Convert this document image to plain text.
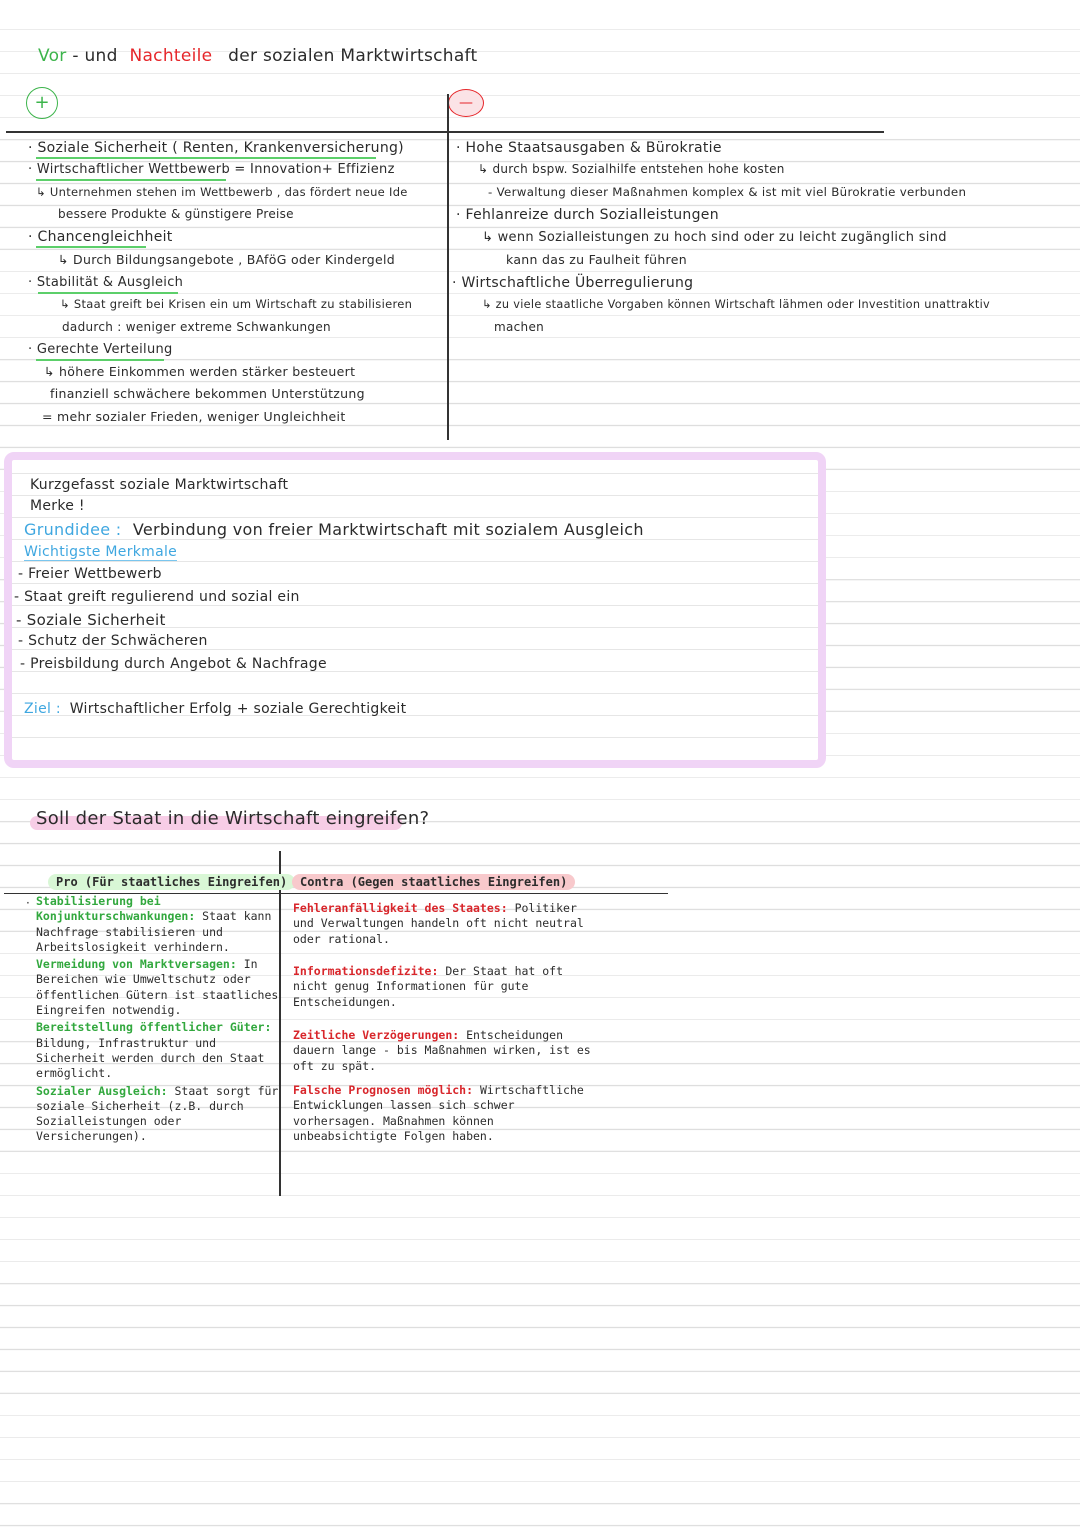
Vor - und Nachteile der sozialen Marktwirtschaft
+	—
· Soziale Sicherheit ( Renten, Krankenversicherung)
· Wirtschaftlicher Wettbewerb = Innovation+ Effizienz
↳ Unternehmen stehen im Wettbewerb , das fördert neue Ide
bessere Produkte & günstigere Preise
· Chancengleichheit
↳ Durch Bildungsangebote , BAföG oder Kindergeld
· Stabilität & Ausgleich
↳ Staat greift bei Krisen ein um Wirtschaft zu stabilisieren
dadurch : weniger extreme Schwankungen
· Gerechte Verteilung
↳ höhere Einkommen werden stärker besteuert
finanziell schwächere bekommen Unterstützung
= mehr sozialer Frieden, weniger Ungleichheit
· Hohe Staatsausgaben & Bürokratie
↳ durch bspw. Sozialhilfe entstehen hohe kosten
- Verwaltung dieser Maßnahmen komplex & ist mit viel Bürokratie verbunden
· Fehlanreize durch Sozialleistungen
↳ wenn Sozialleistungen zu hoch sind oder zu leicht zugänglich sind
kann das zu Faulheit führen
· Wirtschaftliche Überregulierung
↳ zu viele staatliche Vorgaben können Wirtschaft lähmen oder Investition unattraktiv
machen
Kurzgefasst soziale Marktwirtschaft
Merke !
Grundidee : Verbindung von freier Marktwirtschaft mit sozialem Ausgleich
Wichtigste Merkmale
- Freier Wettbewerb
- Staat greift regulierend und sozial ein
- Soziale Sicherheit
- Schutz der Schwächeren
- Preisbildung durch Angebot & Nachfrage
Ziel : Wirtschaftlicher Erfolg + soziale Gerechtigkeit
Soll der Staat in die Wirtschaft eingreifen?
Pro (Für staatliches Eingreifen)	Contra (Gegen staatliches Eingreifen)
· Stabilisierung bei Konjunkturschwankungen: Staat kann Nachfrage stabilisieren und Arbeitslosigkeit verhindern.

Vermeidung von Marktversagen: In Bereichen wie Umweltschutz oder öffentlichen Gütern ist staatliches Eingreifen notwendig.

Bereitstellung öffentlicher Güter: Bildung, Infrastruktur und Sicherheit werden durch den Staat ermöglicht.

Sozialer Ausgleich: Staat sorgt für soziale Sicherheit (z.B. durch Sozialleistungen oder Versicherungen).

Fehleranfälligkeit des Staates: Politiker und Verwaltungen handeln oft nicht neutral oder rational.
Informationsdefizite: Der Staat hat oft nicht genug Informationen für gute Entscheidungen.
Zeitliche Verzögerungen: Entscheidungen dauern lange - bis Maßnahmen wirken, ist es oft zu spät.
Falsche Prognosen möglich: Wirtschaftliche Entwicklungen lassen sich schwer vorhersagen. Maßnahmen können unbeabsichtigte Folgen haben.
